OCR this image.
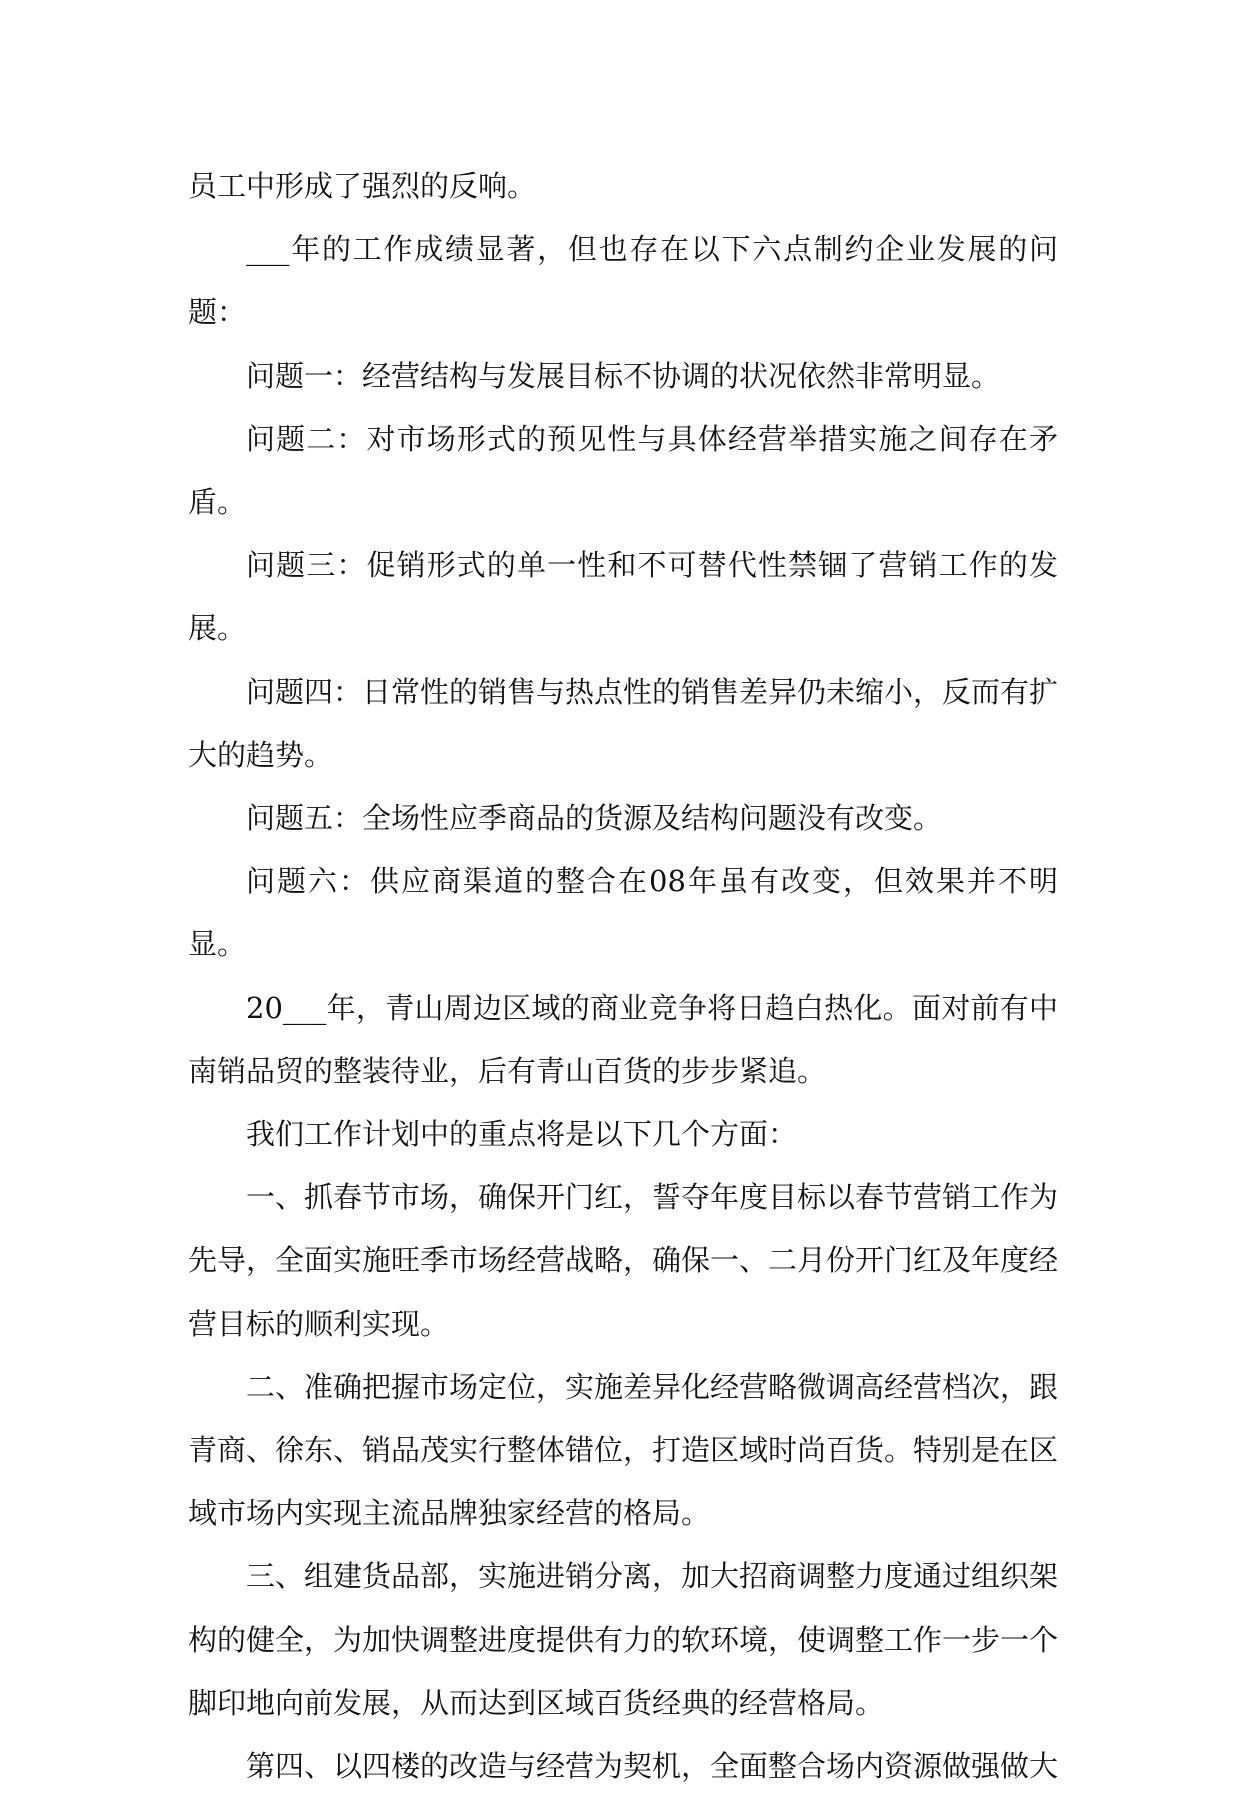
员工中形成了强烈的反响。

___年的工作成绩显著，但也存在以下六点制约企业发展的问题：

问题一：经营结构与发展目标不协调的状况依然非常明显。

问题二：对市场形式的预见性与具体经营举措实施之间存在矛盾。

问题三：促销形式的单一性和不可替代性禁锢了营销工作的发展。

问题四：日常性的销售与热点性的销售差异仍未缩小，反而有扩大的趋势。

问题五：全场性应季商品的货源及结构问题没有改变。

问题六：供应商渠道的整合在08年虽有改变，但效果并不明显。

20___年，青山周边区域的商业竞争将日趋白热化。面对前有中南销品贸的整装待业，后有青山百货的步步紧追。

我们工作计划中的重点将是以下几个方面：

一、抓春节市场，确保开门红，誓夺年度目标以春节营销工作为先导，全面实施旺季市场经营战略，确保一、二月份开门红及年度经营目标的顺利实现。

二、准确把握市场定位，实施差异化经营略微调高经营档次，跟青商、徐东、销品茂实行整体错位，打造区域时尚百货。特别是在区域市场内实现主流品牌独家经营的格局。

三、组建货品部，实施进销分离，加大招商调整力度通过组织架构的健全，为加快调整进度提供有力的软环境，使调整工作一步一个脚印地向前发展，从而达到区域百货经典的经营格局。

第四、以四楼的改造与经营为契机，全面整合场内资源做强做大
